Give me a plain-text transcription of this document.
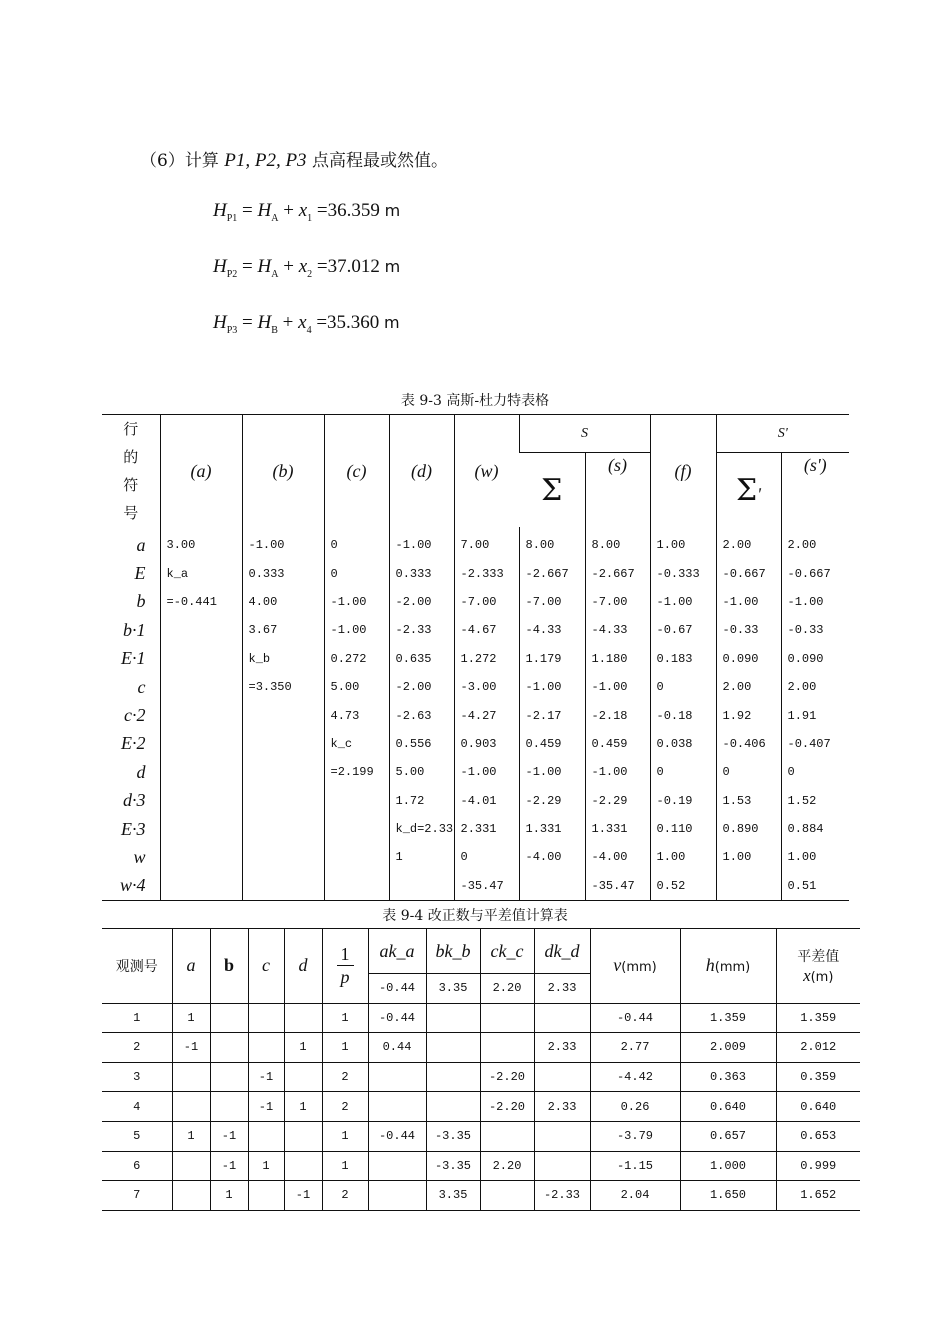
（6）计算 P1, P2, P3 点高程最或然值。
$H_{P1} = H_A + x_1 =36.359$ m
$H_{P2} = H_A + x_2 =37.012$ m
$H_{P3} = H_B + x_4 =35.360$ m
表 9-3 高斯-杜力特表格
行的符号	(a)	(b)	(c)	(d)	(w)	S		(f)	S'	
						Σ	(s)		Σʹ	(s')
a	3.00	-1.00	0	-1.00	7.00	8.00	8.00	1.00	2.00	2.00
E	k_a	0.333	0	0.333	-2.333	-2.667	-2.667	-0.333	-0.667	-0.667
b	=-0.441	4.00	-1.00	-2.00	-7.00	-7.00	-7.00	-1.00	-1.00	-1.00
b·1		3.67	-1.00	-2.33	-4.67	-4.33	-4.33	-0.67	-0.33	-0.33
E·1		k_b	0.272	0.635	1.272	1.179	1.180	0.183	0.090	0.090
c		=3.350	5.00	-2.00	-3.00	-1.00	-1.00	0	2.00	2.00
c·2			4.73	-2.63	-4.27	-2.17	-2.18	-0.18	1.92	1.91
E·2			k_c	0.556	0.903	0.459	0.459	0.038	-0.406	-0.407
d			=2.199	5.00	-1.00	-1.00	-1.00	0	0	0
d·3				1.72	-4.01	-2.29	-2.29	-0.19	1.53	1.52
E·3				k_d=2.33	2.331	1.331	1.331	0.110	0.890	0.884
w				1	0	-4.00	-4.00	1.00	1.00	1.00
w·4					-35.47		-35.47	0.52		0.51
表 9-4 改正数与平差值计算表
观测号	a	b	c	d	$\frac{1}{p}$	ak_a	bk_b	ck_c	dk_d	v(mm)	h(mm)	平差值
x(m)
						-0.44	3.35	2.20	2.33			
1	1				1	-0.44				-0.44	1.359	1.359
2	-1			1	1	0.44			2.33	2.77	2.009	2.012
3			-1		2			-2.20		-4.42	0.363	0.359
4			-1	1	2			-2.20	2.33	0.26	0.640	0.640
5	1	-1			1	-0.44	-3.35			-3.79	0.657	0.653
6		-1	1		1		-3.35	2.20		-1.15	1.000	0.999
7		1		-1	2		3.35		-2.33	2.04	1.650	1.652
